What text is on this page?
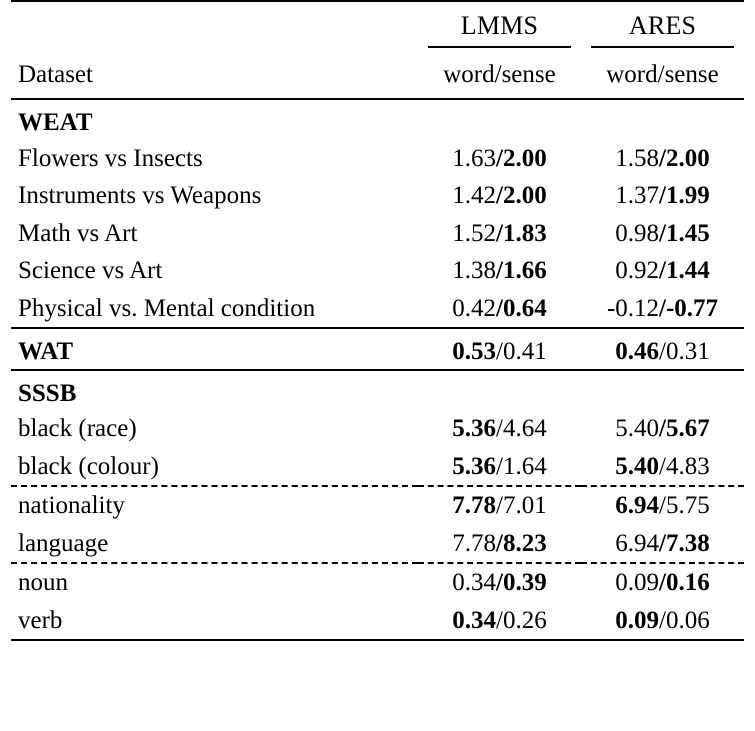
	LMMS	ARES

Dataset	word/sense	word/sense

WEAT		
Flowers vs Insects	1.63/2.00	1.58/2.00
Instruments vs Weapons	1.42/2.00	1.37/1.99
Math vs Art	1.52/1.83	0.98/1.45
Science vs Art	1.38/1.66	0.92/1.44
Physical vs. Mental condition	0.42/0.64	-0.12/-0.77

WAT	0.53/0.41	0.46/0.31

SSSB		
black (race)	5.36/4.64	5.40/5.67
black (colour)	5.36/1.64	5.40/4.83

nationality	7.78/7.01	6.94/5.75
language	7.78/8.23	6.94/7.38

noun	0.34/0.39	0.09/0.16
verb	0.34/0.26	0.09/0.06
